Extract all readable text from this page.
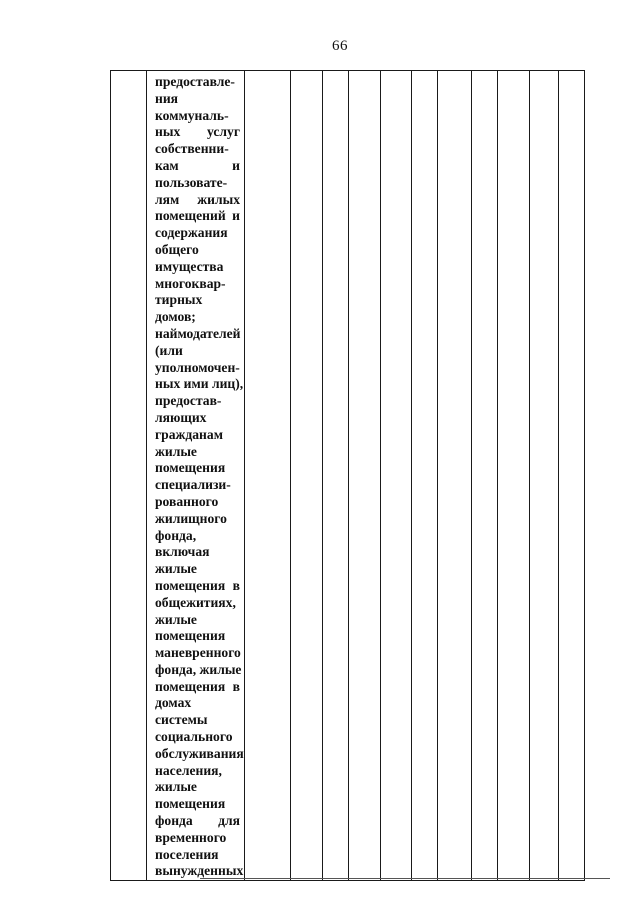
66

предоставле-
ния
коммуналь-
ных услуг
собственни-
кам и
пользовате-
лям жилых
помещений и
содержания
общего
имущества
многоквар-
тирных
домов;
наймодателей
(или
уполномочен-
ных ими лиц),
предостав-
ляющих
гражданам
жилые
помещения
специализи-
рованного
жилищного
фонда,
включая
жилые
помещения в
общежитиях,
жилые
помещения
маневренного
фонда, жилые
помещения в
домах
системы
социального
обслуживания
населения,
жилые
помещения
фонда для
временного
поселения
вынужденных
